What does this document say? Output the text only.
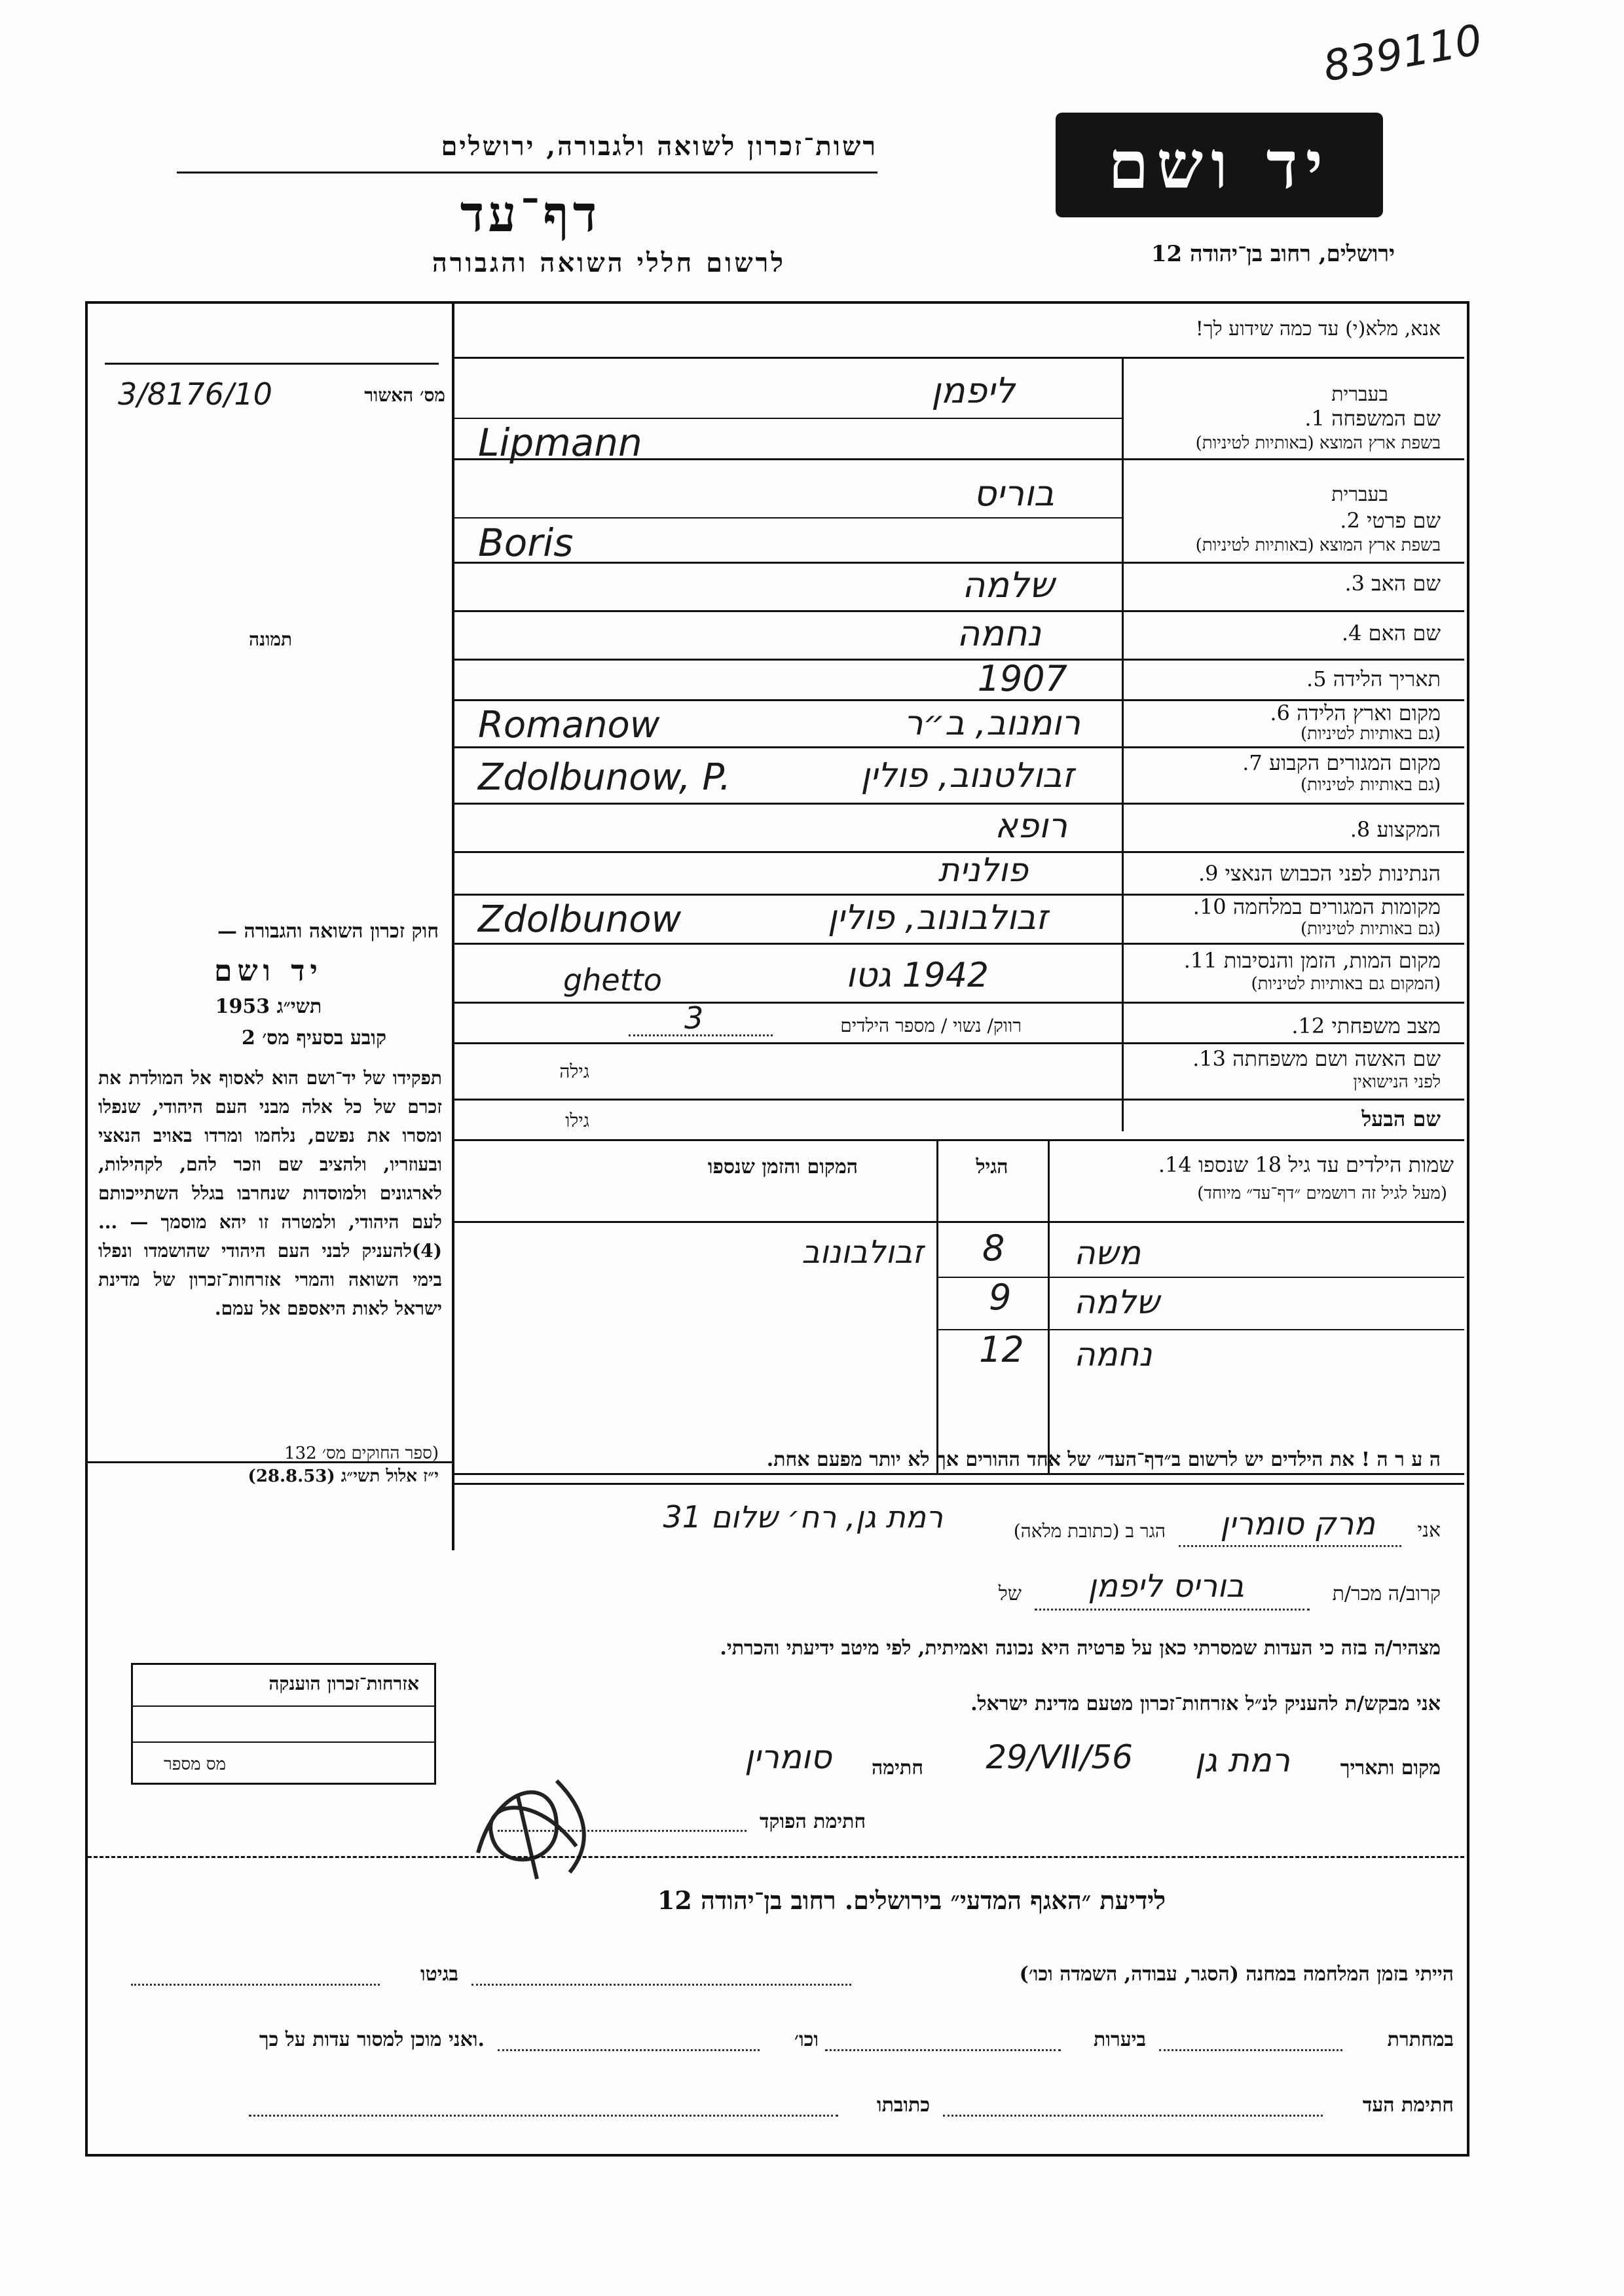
839110
רשות־זכרון לשואה ולגבורה, ירושלים
דף־עד
לרשום חללי השואה והגבורה
יד ושם
ירושלים, רחוב בן־יהודה 12
אנא, מלא(י) עד כמה שידוע לך!
מס׳ האשור
3/8176/10
תמונה
בעברית
שם המשפחה 1.
בשפת ארץ המוצא (באותיות לטיניות)
ליפמן
Lipmann
בעברית
שם פרטי 2.
בשפת ארץ המוצא (באותיות לטיניות)
בוריס
Boris
שם האב 3.
שלמה
שם האם 4.
נחמה
תאריך הלידה 5.
1907
מקום וארץ הלידה 6.
(גם באותיות לטיניות)
רומנוב, ב״ר
Romanow
מקום המגורים הקבוע 7.
(גם באותיות לטיניות)
זבולטנוב, פולין
Zdolbunow, P.
המקצוע 8.
רופא
הנתינות לפני הכבוש הנאצי 9.
פולנית
מקומות המגורים במלחמה 10.
(גם באותיות לטיניות)
זבולבונוב, פולין
Zdolbunow
מקום המות, הזמן והנסיבות 11.
(המקום גם באותיות לטיניות)
1942 גטו
ghetto
מצב משפחתי 12.
רווק/ נשוי / מספר הילדים
3
שם האשה ושם משפחתה 13.
לפני הנישואין
גילה
שם הבעל
גילו
שמות הילדים עד גיל 18 שנספו 14.
(מעל לגיל זה רושמים ״דף־עד״ מיוחד)
הגיל
המקום והזמן שנספו
משה
8
זבולבונוב
שלמה
9
נחמה
12
ה ע ר ה ! את הילדים יש לרשום ב״דף־העד״ של אחד ההורים אך לא יותר מפעם אחת.
חוק זכרון השואה והגבורה —
יד ושם
1953 תשי״ג
קובע בסעיף מס׳ 2
תפקידו של יד־ושם הוא לאסוף אל המולדת את זכרם של כל אלה מבני העם היהודי, שנפלו ומסרו את נפשם, נלחמו ומרדו באויב הנאצי ובעוזריו, ולהציב שם וזכר להם, לקהילות, לארגונים ולמוסדות שנחרבו בגלל השתייכותם לעם היהודי, ולמטרה זו יהא מוסמך — ...(4)להעניק לבני העם היהודי שהושמדו ונפלו בימי השואה והמרי אזרחות־זכרון של מדינת ישראל לאות היאספם אל עמם.
(ספר החוקים מס׳ 132
י״ז אלול תשי״ג (28.8.53)
אני
מרק סומרין
הגר ב (כתובת מלאה)
רמת גן, רח׳ שלום 31
קרוב/ה מכר/ת
של בוריס ליפמן
מצהיר/ה בזה כי העדות שמסרתי כאן על פרטיה היא נכונה ואמיתית, לפי מיטב ידיעתי והכרתי.
אני מבקש/ת להעניק לנ״ל אזרחות־זכרון מטעם מדינת ישראל.
מקום ותאריך
רמת גן
29/VII/56
חתימה
סומרין
חתימת הפוקד
אזרחות־זכרון הוענקה
מס מספר
לידיעת ״האגף המדעי״ בירושלים. רחוב בן־יהודה 12
הייתי בזמן המלחמה במחנה (הסגר, עבודה, השמדה וכו׳)
בגיטו
במחתרת
ביערות
וכו׳
ואני מוכן למסור עדות על כך.
חתימת העד
כתובתו
